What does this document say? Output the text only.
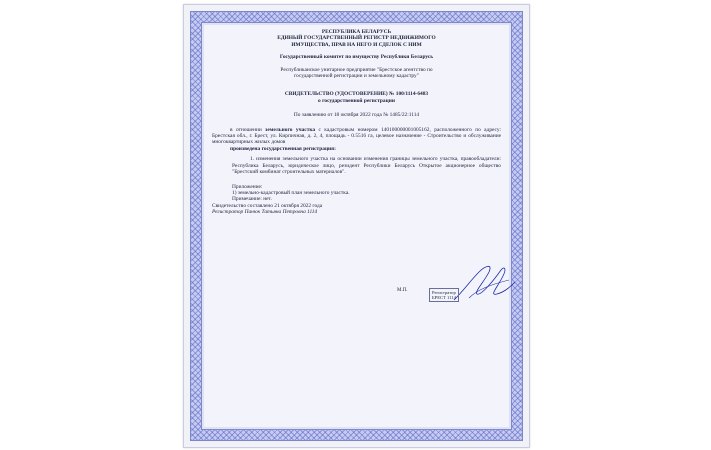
РЕСПУБЛИКА БЕЛАРУСЬ
ЕДИНЫЙ ГОСУДАРСТВЕННЫЙ РЕГИСТР НЕДВИЖИМОГО
ИМУЩЕСТВА, ПРАВ НА НЕГО И СДЕЛОК С НИМ
Государственный комитет по имуществу Республики Беларусь
Республиканское унитарное предприятие "Брестское агентство по
государственной регистрации и земельному кадастру"
СВИДЕТЕЛЬСТВО (УДОСТОВЕРЕНИЕ) № 100/1114-6483
о государственной регистрации
По заявлению от 18 октября 2022 года № 1485/22:1114
в отношении земельного участка с кадастровым номером 140100000001005162, расположенного по адресу: Брестская обл., г. Брест, ул. Кирпичная, д. 2, 4, площадь - 0.5516 га, целевое назначение - Строительство и обслуживание многоквартирных жилых домов
произведена государственная регистрация:
1. изменения земельного участка на основании изменения границы земельного участка, правообладатели: Республика Беларусь, юридическое лицо, резидент Республики Беларусь Открытое акционерное общество "Брестский комбинат строительных материалов".
Приложение:
1) земельно-кадастровый план земельного участка.
Примечание: нет.
Свидетельство составлено 21 октября 2022 года
Регистратор Панюк Татьяна Петровна 1114
М.П.	Регистратор
БРЕСТ 1114
